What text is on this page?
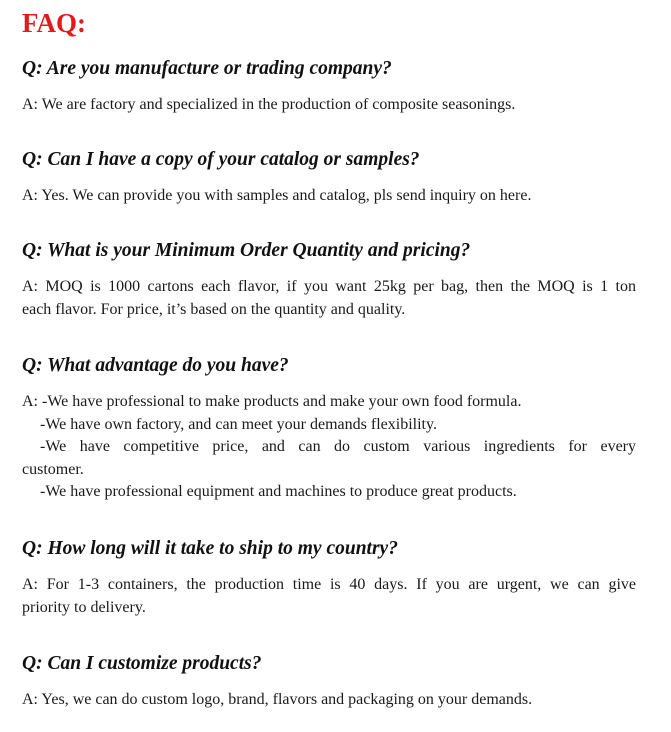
FAQ:

Q: Are you manufacture or trading company?

A: We are factory and specialized in the production of composite seasonings.

Q: Can I have a copy of your catalog or samples?

A: Yes. We can provide you with samples and catalog, pls send inquiry on here.

Q: What is your Minimum Order Quantity and pricing?

A: MOQ is 1000 cartons each flavor, if you want 25kg per bag, then the MOQ is 1 ton
each flavor. For price, it’s based on the quantity and quality.

Q: What advantage do you have?

A: -We have professional to make products and make your own food formula.
-We have own factory, and can meet your demands flexibility.
-We have competitive price, and can do custom various ingredients for every
customer.
-We have professional equipment and machines to produce great products.

Q: How long will it take to ship to my country?

A: For 1-3 containers, the production time is 40 days. If you are urgent, we can give
priority to delivery.

Q: Can I customize products?

A: Yes, we can do custom logo, brand, flavors and packaging on your demands.
